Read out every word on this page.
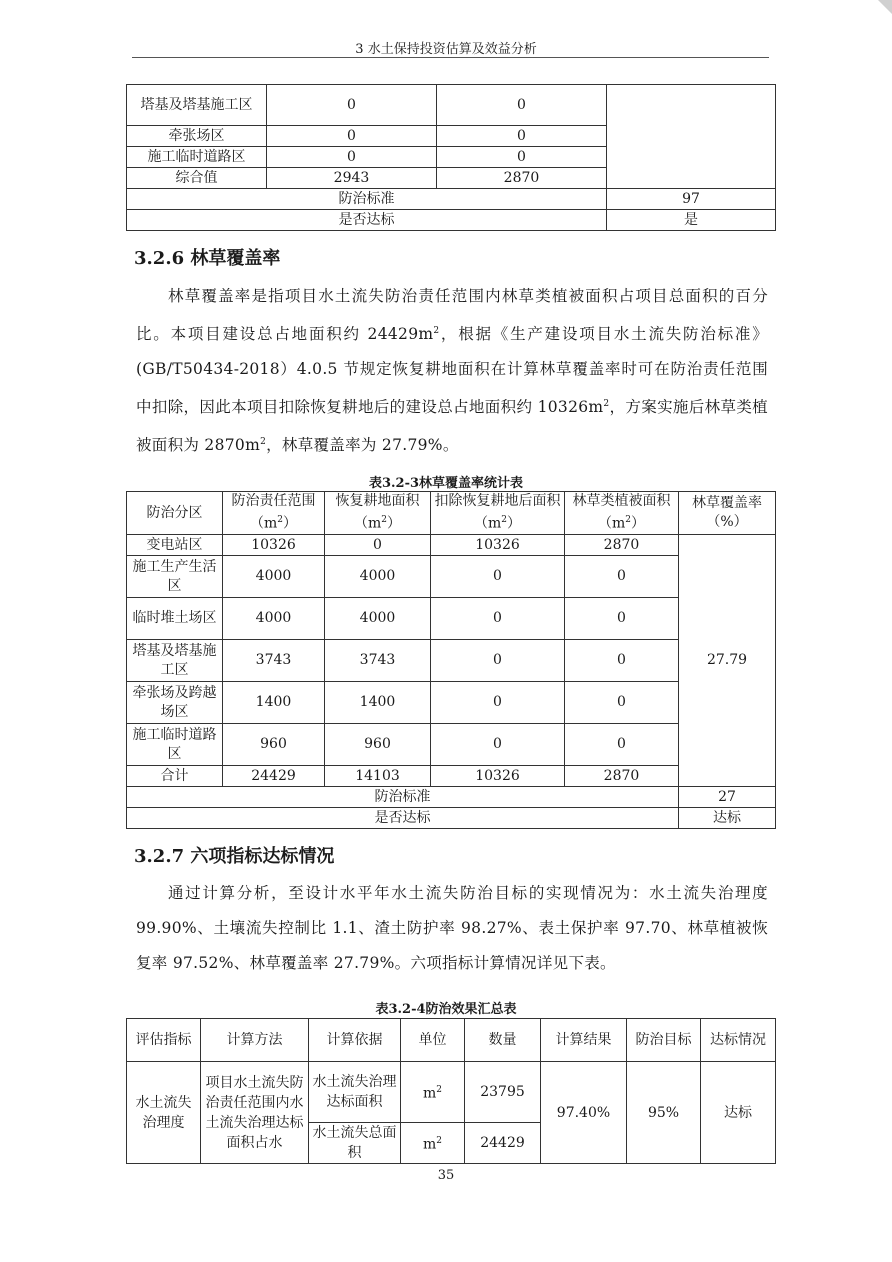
3 水土保持投资估算及效益分析
塔基及塔基施工区	0	0	
牵张场区	0	0	
施工临时道路区	0	0	
综合值	2943	2870	
防治标准			97
是否达标			是
3.2.6 林草覆盖率

林草覆盖率是指项目水土流失防治责任范围内林草类植被面积占项目总面积的百分比。本项目建设总占地面积约 $24429m^2$，根据《生产建设项目水土流失防治标准》(GB/T50434-2018）4.0.5 节规定恢复耕地面积在计算林草覆盖率时可在防治责任范围中扣除，因此本项目扣除恢复耕地后的建设总占地面积约 $10326m^2$，方案实施后林草类植被面积为 $2870m^2$，林草覆盖率为 27.79%。

表3.2-3林草覆盖率统计表
防治分区	防治责任范围$(m^2)$	恢复耕地面积$(m^2)$	扣除恢复耕地后面积$(m^2)$	林草类植被面积$(m^2)$	林草覆盖率（%）
变电站区	10326	0	10326	2870	27.79
施工生产生活区	4000	4000	0	0	
临时堆土场区	4000	4000	0	0	
塔基及塔基施工区	3743	3743	0	0	
牵张场及跨越场区	1400	1400	0	0	
施工临时道路区	960	960	0	0	
合计	24429	14103	10326	2870	
防治标准					27
是否达标					达标
3.2.7 六项指标达标情况

通过计算分析，至设计水平年水土流失防治目标的实现情况为：水土流失治理度 99.90%、土壤流失控制比 1.1、渣土防护率 98.27%、表土保护率 97.70、林草植被恢复率 97.52%、林草覆盖率 27.79%。六项指标计算情况详见下表。

表3.2-4防治效果汇总表
评估指标	计算方法	计算依据	单位	数量	计算结果	防治目标	达标情况
水土流失治理度	项目水土流失防治责任范围内水土流失治理达标面积占水	水土流失治理达标面积	$m^2$	23795	97.40%	95%	达标
		水土流失总面积	$m^2$	24429			
35
